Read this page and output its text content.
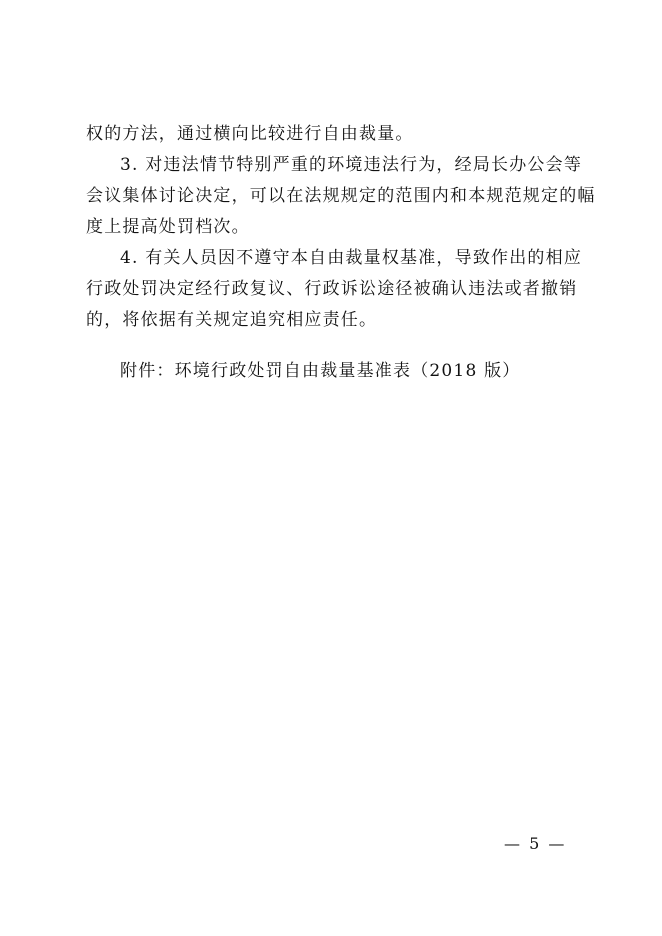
权的方法，通过横向比较进行自由裁量。
3. 对违法情节特别严重的环境违法行为，经局长办公会等
会议集体讨论决定，可以在法规规定的范围内和本规范规定的幅
度上提高处罚档次。
4. 有关人员因不遵守本自由裁量权基准，导致作出的相应
行政处罚决定经行政复议、行政诉讼途径被确认违法或者撤销
的，将依据有关规定追究相应责任。
附件：环境行政处罚自由裁量基准表（2018 版）
— 5 —
